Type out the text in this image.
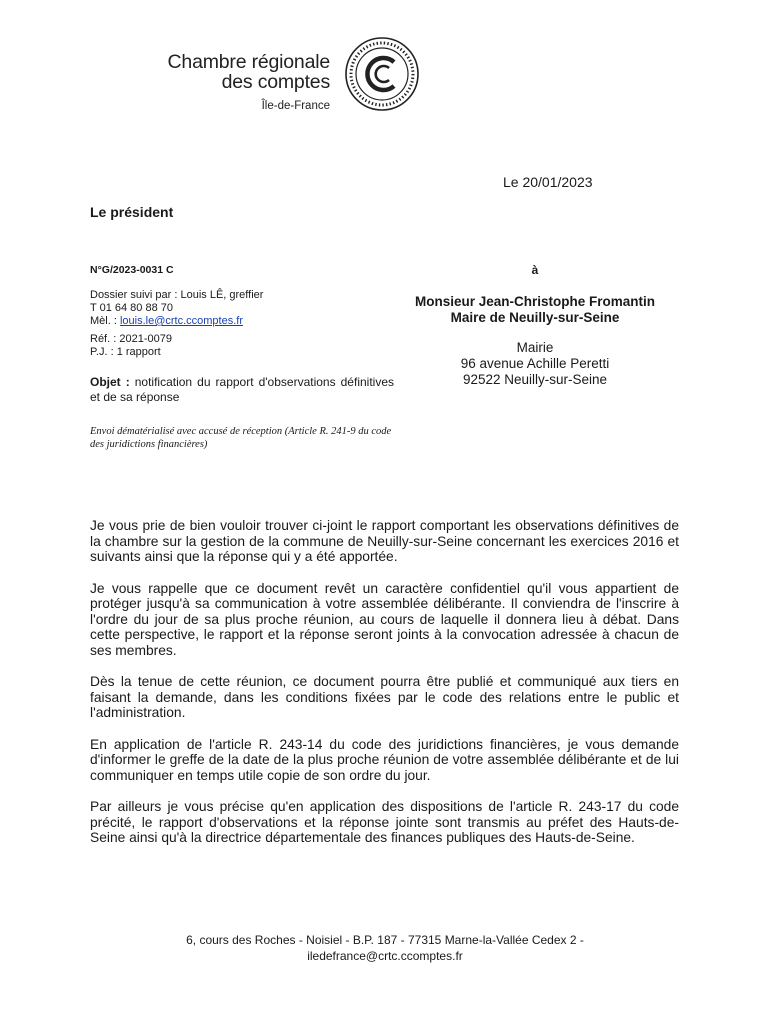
Chambre régionale
des comptes
Île-de-France
Le 20/01/2023
Le président
N°G/2023-0031 C
Dossier suivi par : Louis LÊ, greffier
T 01 64 80 88 70
Mèl. : louis.le@crtc.ccomptes.fr
Réf. : 2021-0079
P.J. : 1 rapport
Objet : notification du rapport d'observations définitives et de sa réponse
Envoi dématérialisé avec accusé de réception (Article R. 241-9 du code des juridictions financières)
à
Monsieur Jean-Christophe Fromantin
Maire de Neuilly-sur-Seine
Mairie
96 avenue Achille Peretti
92522 Neuilly-sur-Seine

Je vous prie de bien vouloir trouver ci-joint le rapport comportant les observations définitives de la chambre sur la gestion de la commune de Neuilly-sur-Seine concernant les exercices 2016 et suivants ainsi que la réponse qui y a été apportée.

Je vous rappelle que ce document revêt un caractère confidentiel qu'il vous appartient de protéger jusqu'à sa communication à votre assemblée délibérante. Il conviendra de l'inscrire à l'ordre du jour de sa plus proche réunion, au cours de laquelle il donnera lieu à débat. Dans cette perspective, le rapport et la réponse seront joints à la convocation adressée à chacun de ses membres.

Dès la tenue de cette réunion, ce document pourra être publié et communiqué aux tiers en faisant la demande, dans les conditions fixées par le code des relations entre le public et l'administration.

En application de l'article R. 243-14 du code des juridictions financières, je vous demande d'informer le greffe de la date de la plus proche réunion de votre assemblée délibérante et de lui communiquer en temps utile copie de son ordre du jour.

Par ailleurs je vous précise qu'en application des dispositions de l'article R. 243-17 du code précité, le rapport d'observations et la réponse jointe sont transmis au préfet des Hauts-de-Seine ainsi qu'à la directrice départementale des finances publiques des Hauts-de-Seine.

6, cours des Roches - Noisiel - B.P. 187 - 77315 Marne-la-Vallée Cedex 2 -
iledefrance@crtc.ccomptes.fr
